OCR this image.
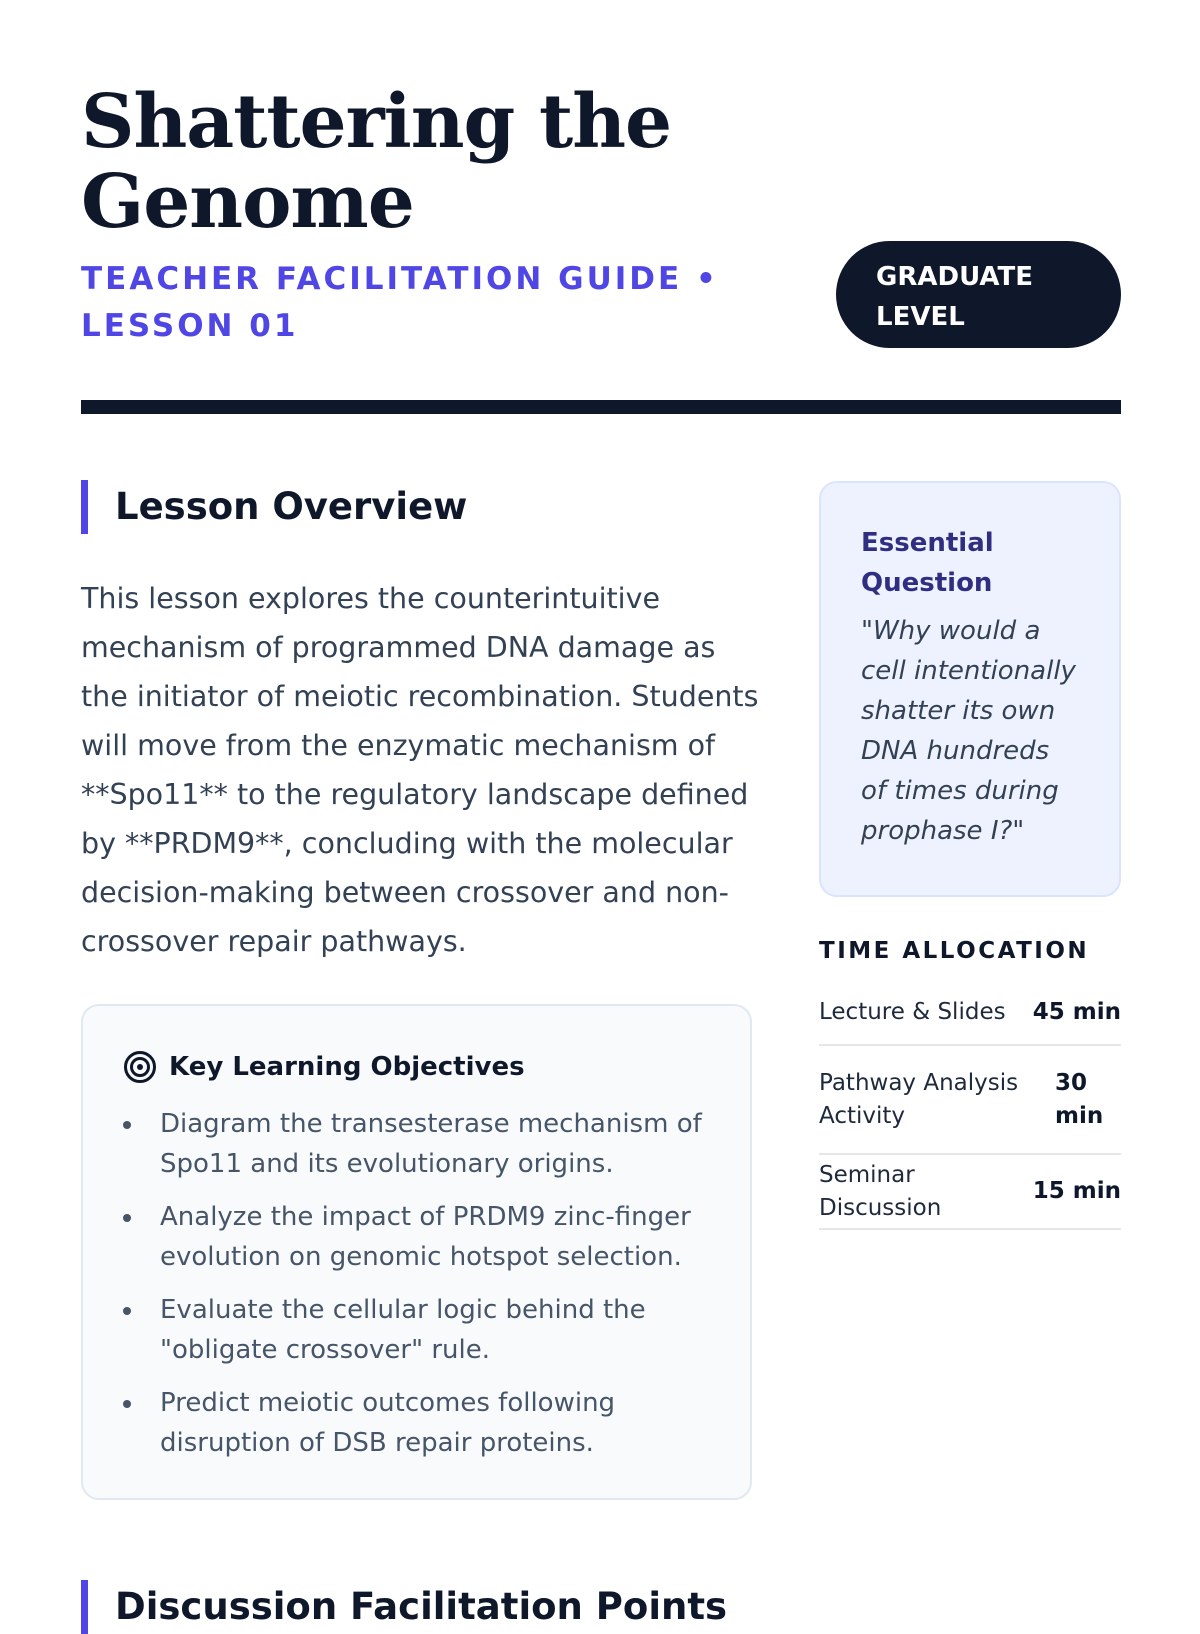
Shattering the Genome
TEACHER FACILITATION GUIDE • LESSON 01
GRADUATE LEVEL
Lesson Overview

This lesson explores the counterintuitive mechanism of programmed DNA damage as the initiator of meiotic recombination. Students will move from the enzymatic mechanism of **Spo11** to the regulatory landscape defined by **PRDM9**, concluding with the molecular decision-making between crossover and non-crossover repair pathways.

Key Learning Objectives
Diagram the transesterase mechanism of Spo11 and its evolutionary origins.
Analyze the impact of PRDM9 zinc-finger evolution on genomic hotspot selection.
Evaluate the cellular logic behind the "obligate crossover" rule.
Predict meiotic outcomes following disruption of DSB repair proteins.
Discussion Facilitation Points
Essential Question
"Why would a cell intentionally shatter its own DNA hundreds of times during prophase I?"
TIME ALLOCATION
Lecture & Slides	45 min
Pathway Analysis Activity
30 min
Seminar Discussion
15 min
